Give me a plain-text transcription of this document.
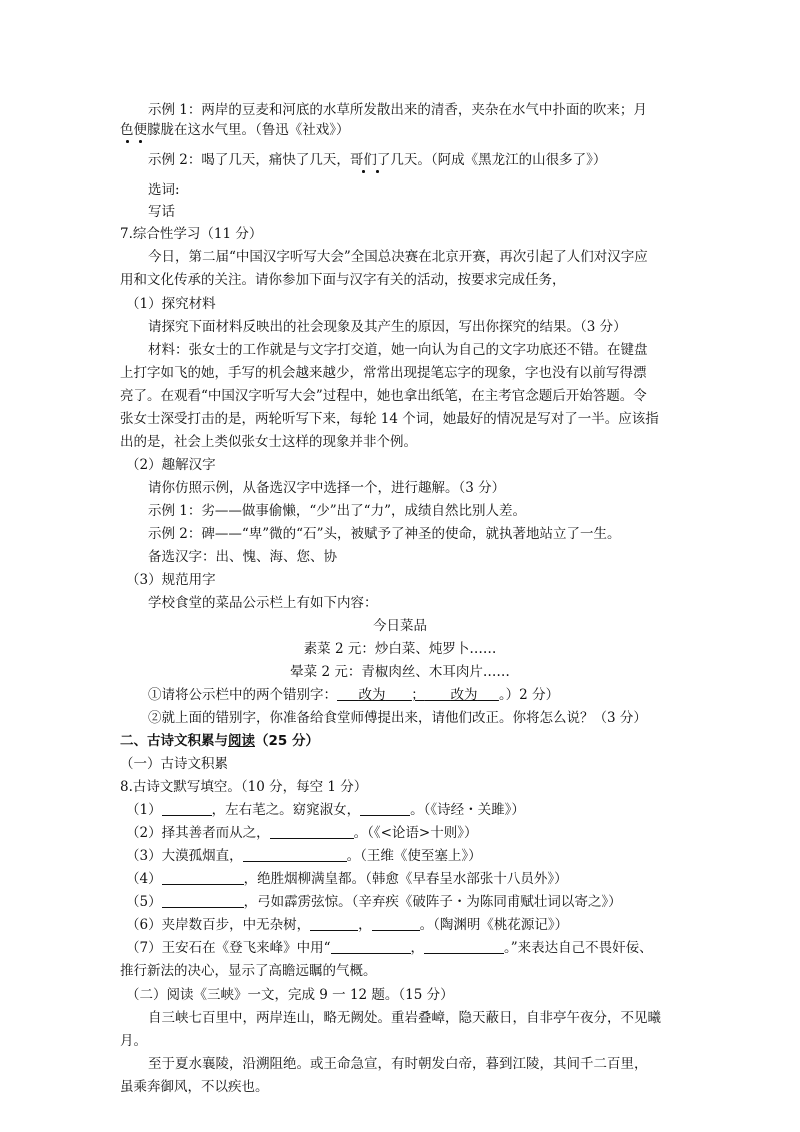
示例 1：两岸的豆麦和河底的水草所发散出来的清香，夹杂在水气中扑面的吹来；月
色便朦胧在这水气里。（鲁迅《社戏》）
示例 2：喝了几天，痛快了几天，哥们了几天。（阿成《黑龙江的山很多了》）
选词:
写话
7.综合性学习（11 分）
今日，第二届“中国汉字听写大会”全国总决赛在北京开赛，再次引起了人们对汉字应
用和文化传承的关注。请你参加下面与汉字有关的活动，按要求完成任务，
（1）探究材料
请探究下面材料反映出的社会现象及其产生的原因，写出你探究的结果。（3 分）
材料：张女士的工作就是与文字打交道，她一向认为自己的文字功底还不错。在键盘
上打字如飞的她，手写的机会越来越少，常常出现提笔忘字的现象，字也没有以前写得漂
亮了。在观看“中国汉字听写大会”过程中，她也拿出纸笔，在主考官念题后开始答题。令
张女士深受打击的是，两轮听写下来，每轮 14 个词，她最好的情况是写对了一半。应该指
出的是，社会上类似张女士这样的现象并非个例。
（2）趣解汉字
请你仿照示例，从备选汉字中选择一个，进行趣解。（3 分）
示例 1：劣——做事偷懒，“少”出了“力”，成绩自然比别人差。
示例 2：碑——“卑”微的“石”头，被赋予了神圣的使命，就执著地站立了一生。
备选汉字：出、愧、海、您、协
（3）规范用字
学校食堂的菜品公示栏上有如下内容：
今日菜品
素菜 2 元：炒白菜、炖罗卜……
晕菜 2 元：青椒肉丝、木耳肉片……
①请将公示栏中的两个错别字： 改为 ； 改为 。）2 分）
②就上面的错别字，你准备给食堂师傅提出来，请他们改正。你将怎么说？（3 分）
二、古诗文积累与阅读（25 分）
（一）古诗文积累
8.古诗文默写填空。（10 分，每空 1 分）
（1）	，左右芼之。窈窕淑女，	。（《诗经・关雎》）
（2）择其善者而从之，	。（《<论语>十则》）
（3）大漠孤烟直，	。（王维《使至塞上》）
（4）	，绝胜烟柳满皇都。（韩愈《早春呈水部张十八员外》）
（5）	，弓如霹雳弦惊。（辛弃疾《破阵子・为陈同甫赋壮词以寄之》）
（6）夹岸数百步，中无杂树，	，	。（陶渊明《桃花源记》）
（7）王安石在《登飞来峰》中用“	，	。”来表达自己不畏奸佞、
推行新法的决心，显示了高瞻远瞩的气概。
（二）阅读《三峡》一文，完成 9 一 12 题。（15 分）
自三峡七百里中，两岸连山，略无阙处。重岩叠嶂，隐天蔽日，自非亭午夜分，不见曦
月。
至于夏水襄陵，沿溯阻绝。或王命急宣，有时朝发白帝，暮到江陵，其间千二百里，
虽乘奔御风，不以疾也。
